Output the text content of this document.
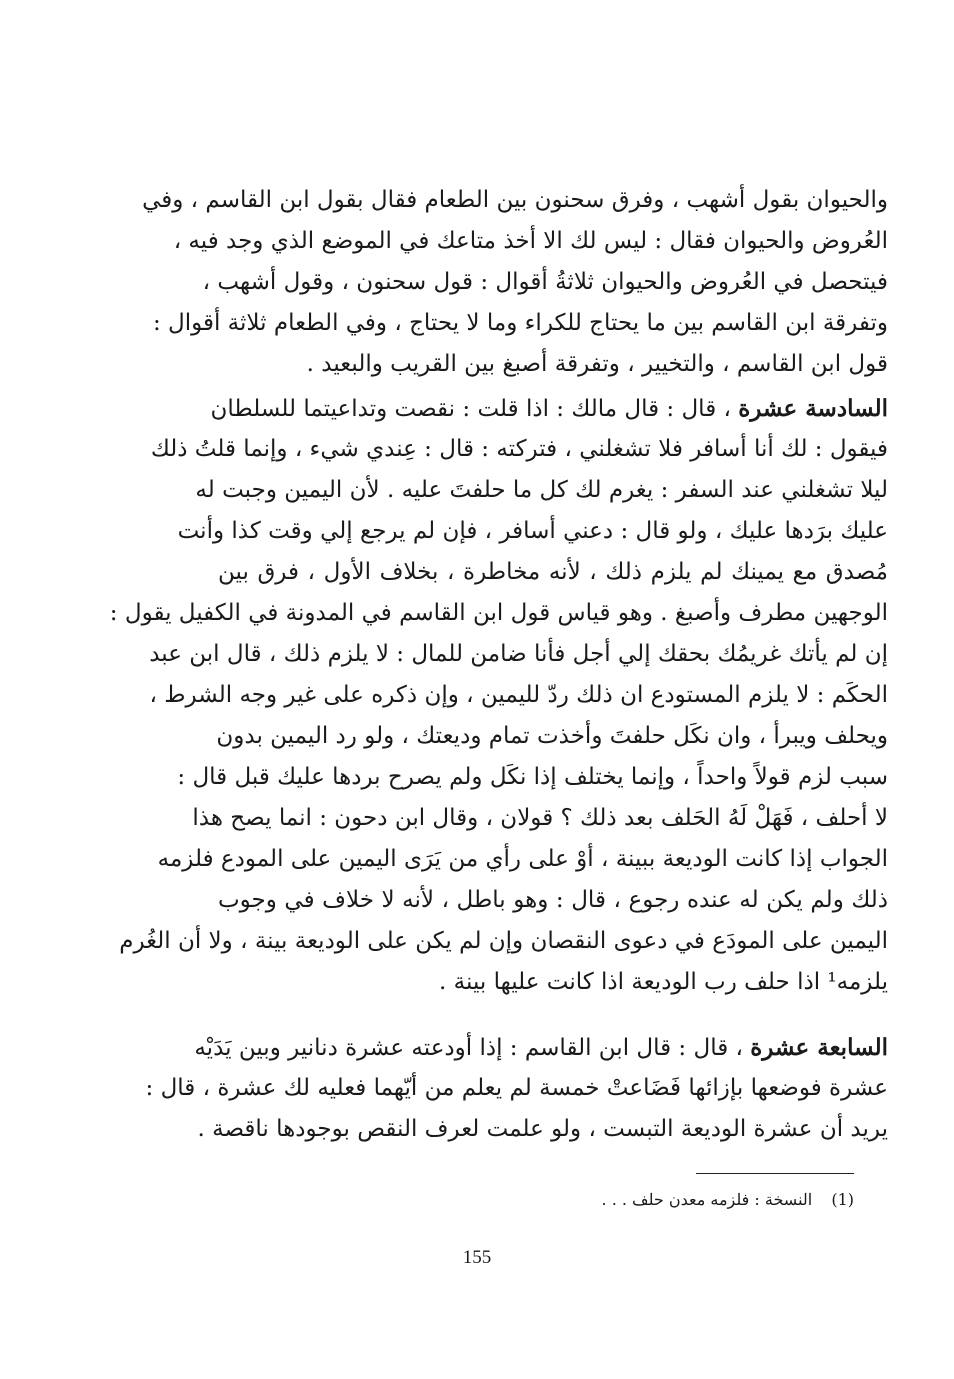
والحيوان بقول أشهب ، وفرق سحنون بين الطعام فقال بقول ابن القاسم ، وفي
العُروض والحيوان فقال : ليس لك الا أخذ متاعك في الموضع الذي وجد فيه ،
فيتحصل في العُروض والحيوان ثلاثةُ أقوال : قول سحنون ، وقول أشهب ،
وتفرقة ابن القاسم بين ما يحتاج للكراء وما لا يحتاج ، وفي الطعام ثلاثة أقوال :
قول ابن القاسم ، والتخيير ، وتفرقة أصبغ بين القريب والبعيد .
السادسة عشرة ، قال : قال مالك : اذا قلت : نقصت وتداعيتما للسلطان
فيقول : لك أنا أسافر فلا تشغلني ، فتركته : قال : عِندي شيء ، وإنما قلتُ ذلك
ليلا تشغلني عند السفر : يغرم لك كل ما حلفتَ عليه . لأن اليمين وجبت له
عليك برَدها عليك ، ولو قال : دعني أسافر ، فإن لم يرجع إلي وقت كذا وأنت
مُصدق مع يمينك لم يلزم ذلك ، لأنه مخاطرة ، بخلاف الأول ، فرق بين
الوجهين مطرف وأصبغ . وهو قياس قول ابن القاسم في المدونة في الكفيل يقول :
إن لم يأتك غريمُك بحقك إلي أجل فأنا ضامن للمال : لا يلزم ذلك ، قال ابن عبد
الحكَم : لا يلزم المستودع ان ذلك ردّ لليمين ، وإن ذكره على غير وجه الشرط ،
ويحلف ويبرأ ، وان نكَل حلفتَ وأخذت تمام وديعتك ، ولو رد اليمين بدون
سبب لزم قولاً واحداً ، وإنما يختلف إذا نكَل ولم يصرح بردها عليك قبل قال :
لا أحلف ، فَهَلْ لَهُ الحَلف بعد ذلك ؟ قولان ، وقال ابن دحون : انما يصح هذا
الجواب إذا كانت الوديعة ببينة ، أوْ على رأي من يَرَى اليمين على المودع فلزمه
ذلك ولم يكن له عنده رجوع ، قال : وهو باطل ، لأنه لا خلاف في وجوب
اليمين على المودَع في دعوى النقصان وإن لم يكن على الوديعة بينة ، ولا أن الغُرم
يلزمه¹ اذا حلف رب الوديعة اذا كانت عليها بينة .
السابعة عشرة ، قال : قال ابن القاسم : إذا أودعته عشرة دنانير وبين يَدَيْه
عشرة فوضعها بإزائها فَضَاعتْ خمسة لم يعلم من أيّهما فعليه لك عشرة ، قال :
يريد أن عشرة الوديعة التبست ، ولو علمت لعرف النقص بوجودها ناقصة .
(1) النسخة : فلزمه معدن حلف . . .
155
